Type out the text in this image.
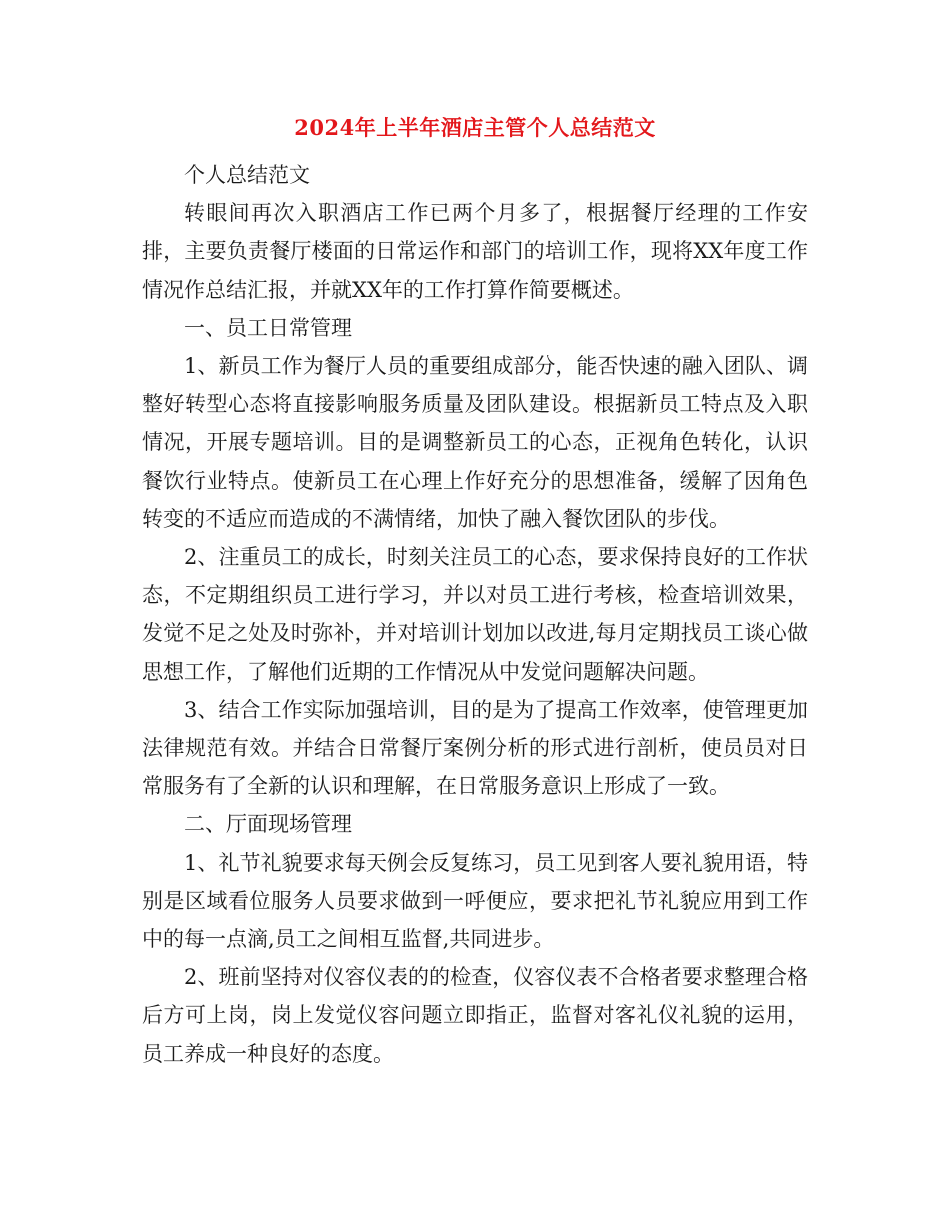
2024年上半年酒店主管个人总结范文

个人总结范文

转眼间再次入职酒店工作已两个月多了，根据餐厅经理的工作安排，主要负责餐厅楼面的日常运作和部门的培训工作，现将XX年度工作情况作总结汇报，并就XX年的工作打算作简要概述。

一、员工日常管理

1、新员工作为餐厅人员的重要组成部分，能否快速的融入团队、调整好转型心态将直接影响服务质量及团队建设。根据新员工特点及入职情况，开展专题培训。目的是调整新员工的心态，正视角色转化，认识餐饮行业特点。使新员工在心理上作好充分的思想准备，缓解了因角色转变的不适应而造成的不满情绪，加快了融入餐饮团队的步伐。

2、注重员工的成长，时刻关注员工的心态，要求保持良好的工作状态，不定期组织员工进行学习，并以对员工进行考核，检查培训效果，发觉不足之处及时弥补，并对培训计划加以改进,每月定期找员工谈心做思想工作，了解他们近期的工作情况从中发觉问题解决问题。

3、结合工作实际加强培训，目的是为了提高工作效率，使管理更加法律规范有效。并结合日常餐厅案例分析的形式进行剖析，使员员对日常服务有了全新的认识和理解，在日常服务意识上形成了一致。

二、厅面现场管理

1、礼节礼貌要求每天例会反复练习，员工见到客人要礼貌用语，特别是区域看位服务人员要求做到一呼便应，要求把礼节礼貌应用到工作中的每一点滴,员工之间相互监督,共同进步。

2、班前坚持对仪容仪表的的检查，仪容仪表不合格者要求整理合格后方可上岗，岗上发觉仪容问题立即指正，监督对客礼仪礼貌的运用，员工养成一种良好的态度。
